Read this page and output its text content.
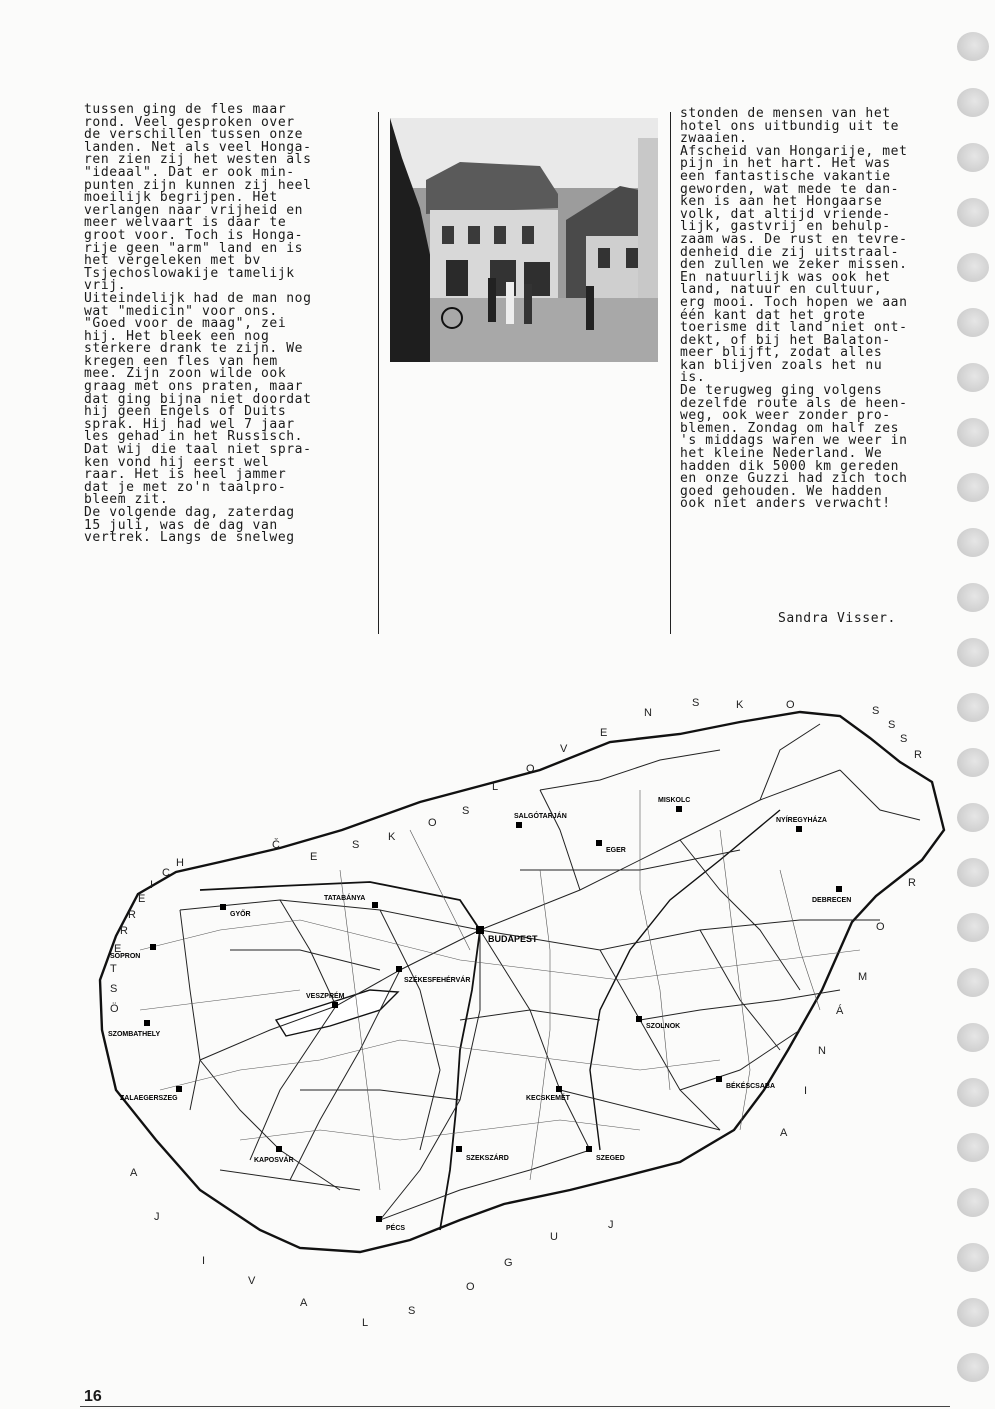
tussen ging de fles maar
rond. Veel gesproken over
de verschillen tussen onze
landen. Net als veel Honga-
ren zien zij het westen als
"ideaal". Dat er ook min-
punten zijn kunnen zij heel
moeilijk begrijpen. Het
verlangen naar vrijheid en
meer welvaart is daar te
groot voor. Toch is Honga-
rije geen "arm" land en is
het vergeleken met bv
Tsjechoslowakije tamelijk
vrij.
Uiteindelijk had de man nog
wat "medicin" voor ons.
"Goed voor de maag", zei
hij. Het bleek een nog
sterkere drank te zijn. We
kregen een fles van hem
mee. Zijn zoon wilde ook
graag met ons praten, maar
dat ging bijna niet doordat
hij geen Engels of Duits
sprak. Hij had wel 7 jaar
les gehad in het Russisch.
Dat wij die taal niet spra-
ken vond hij eerst wel
raar. Het is heel jammer
dat je met zo'n taalpro-
bleem zit.
De volgende dag, zaterdag
15 juli, was de dag van
vertrek. Langs de snelweg
stonden de mensen van het
hotel ons uitbundig uit te
zwaaien.
Afscheid van Hongarije, met
pijn in het hart. Het was
een fantastische vakantie
geworden, wat mede te dan-
ken is aan het Hongaarse
volk, dat altijd vriende-
lijk, gastvrij en behulp-
zaam was. De rust en tevre-
denheid die zij uitstraal-
den zullen we zeker missen.
En natuurlijk was ook het
land, natuur en cultuur,
erg mooi. Toch hopen we aan
één kant dat het grote
toerisme dit land niet ont-
dekt, of bij het Balaton-
meer blijft, zodat alles
kan blijven zoals het nu
is.
De terugweg ging volgens
dezelfde route als de heen-
weg, ook weer zonder pro-
blemen. Zondag om half zes
's middags waren we weer in
het kleine Nederland. We
hadden dik 5000 km gereden
en onze Guzzi had zich toch
goed gehouden. We hadden
ook niet anders verwacht!
Sandra Visser.
BUDAPEST
SZÉKESFEHÉRVÁR
TATABÁNYA
VESZPRÉM
SZOMBATHELY
ZALAEGERSZEG
KAPOSVÁR
PÉCS
SZEKSZÁRD
KECSKEMÉT
SZOLNOK
SZEGED
BÉKÉSCSABA
DEBRECEN
NYÍREGYHÁZA
MISKOLC
EGER
SALGÓTARJÁN
GYŐR
SOPRON
Č
E
S
K
O
S
L
O
V
E
N
S	K	O	S
S
S
R
R
O
M
Á
N
I
A
J
U
G
O
S
L
A
V
I
J
A
Ö
S
T
E
R
R
E
I
C
H
16
